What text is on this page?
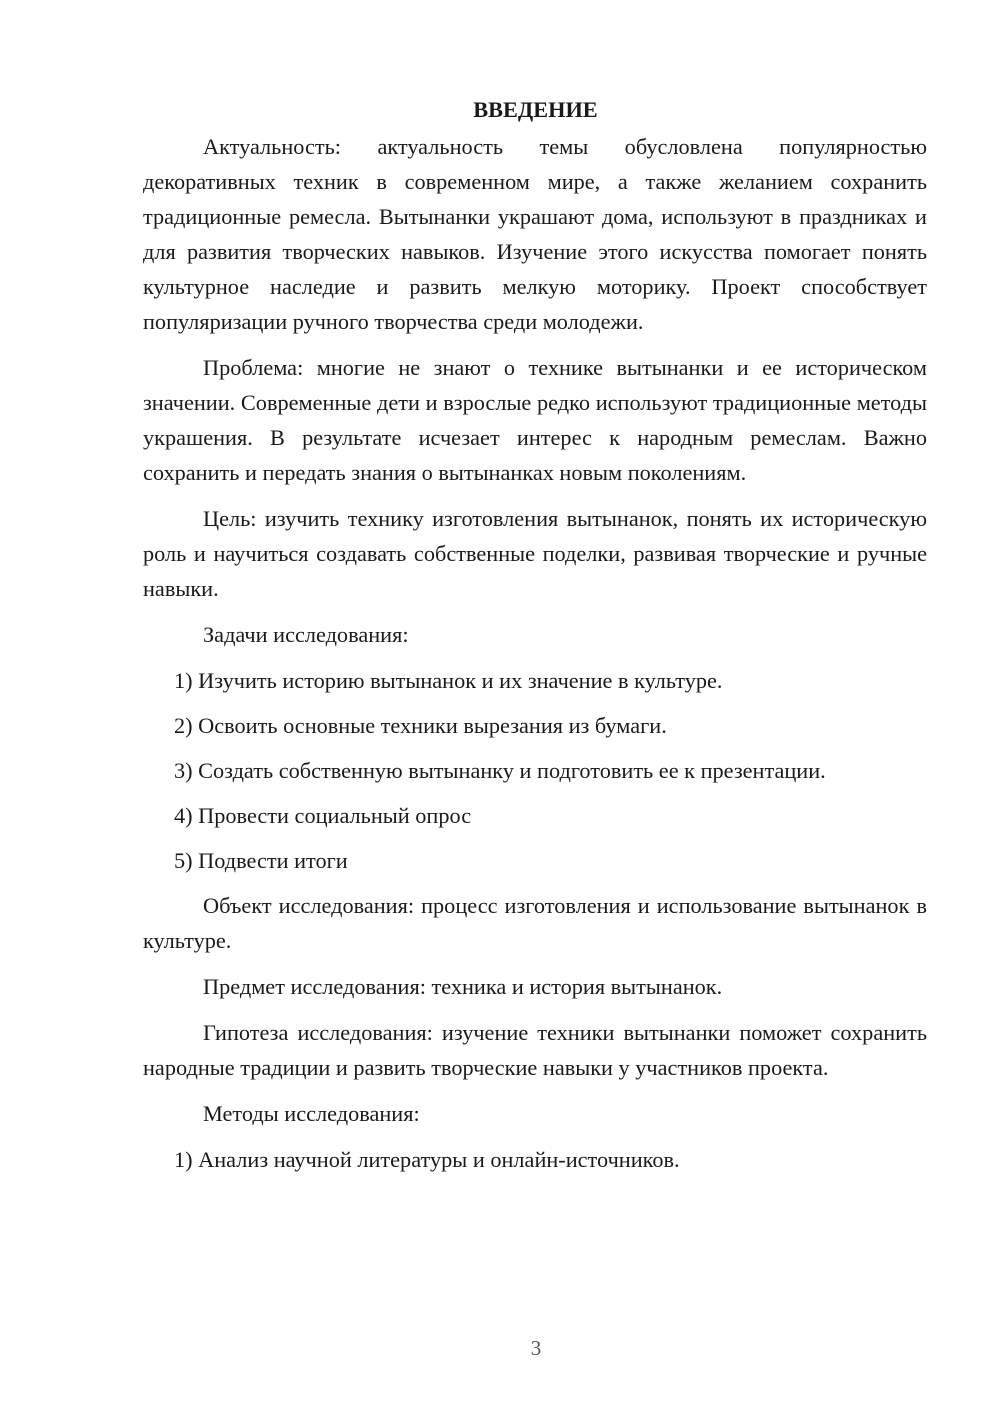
ВВЕДЕНИЕ

Актуальность: актуальность темы обусловлена популярностью декоративных техник в современном мире, а также желанием сохранить традиционные ремесла. Вытынанки украшают дома, используют в праздниках и для развития творческих навыков. Изучение этого искусства помогает понять культурное наследие и развить мелкую моторику. Проект способствует популяризации ручного творчества среди молодежи.

Проблема: многие не знают о технике вытынанки и ее историческом значении. Современные дети и взрослые редко используют традиционные методы украшения. В результате исчезает интерес к народным ремеслам. Важно сохранить и передать знания о вытынанках новым поколениям.

Цель: изучить технику изготовления вытынанок, понять их историческую роль и научиться создавать собственные поделки, развивая творческие и ручные навыки.

Задачи исследования:

1) Изучить историю вытынанок и их значение в культуре.
2) Освоить основные техники вырезания из бумаги.
3) Создать собственную вытынанку и подготовить ее к презентации.
4) Провести социальный опрос
5) Подвести итоги

Объект исследования: процесс изготовления и использование вытынанок в культуре.

Предмет исследования: техника и история вытынанок.

Гипотеза исследования: изучение техники вытынанки поможет сохранить народные традиции и развить творческие навыки у участников проекта.

Методы исследования:

1) Анализ научной литературы и онлайн-источников.
3
